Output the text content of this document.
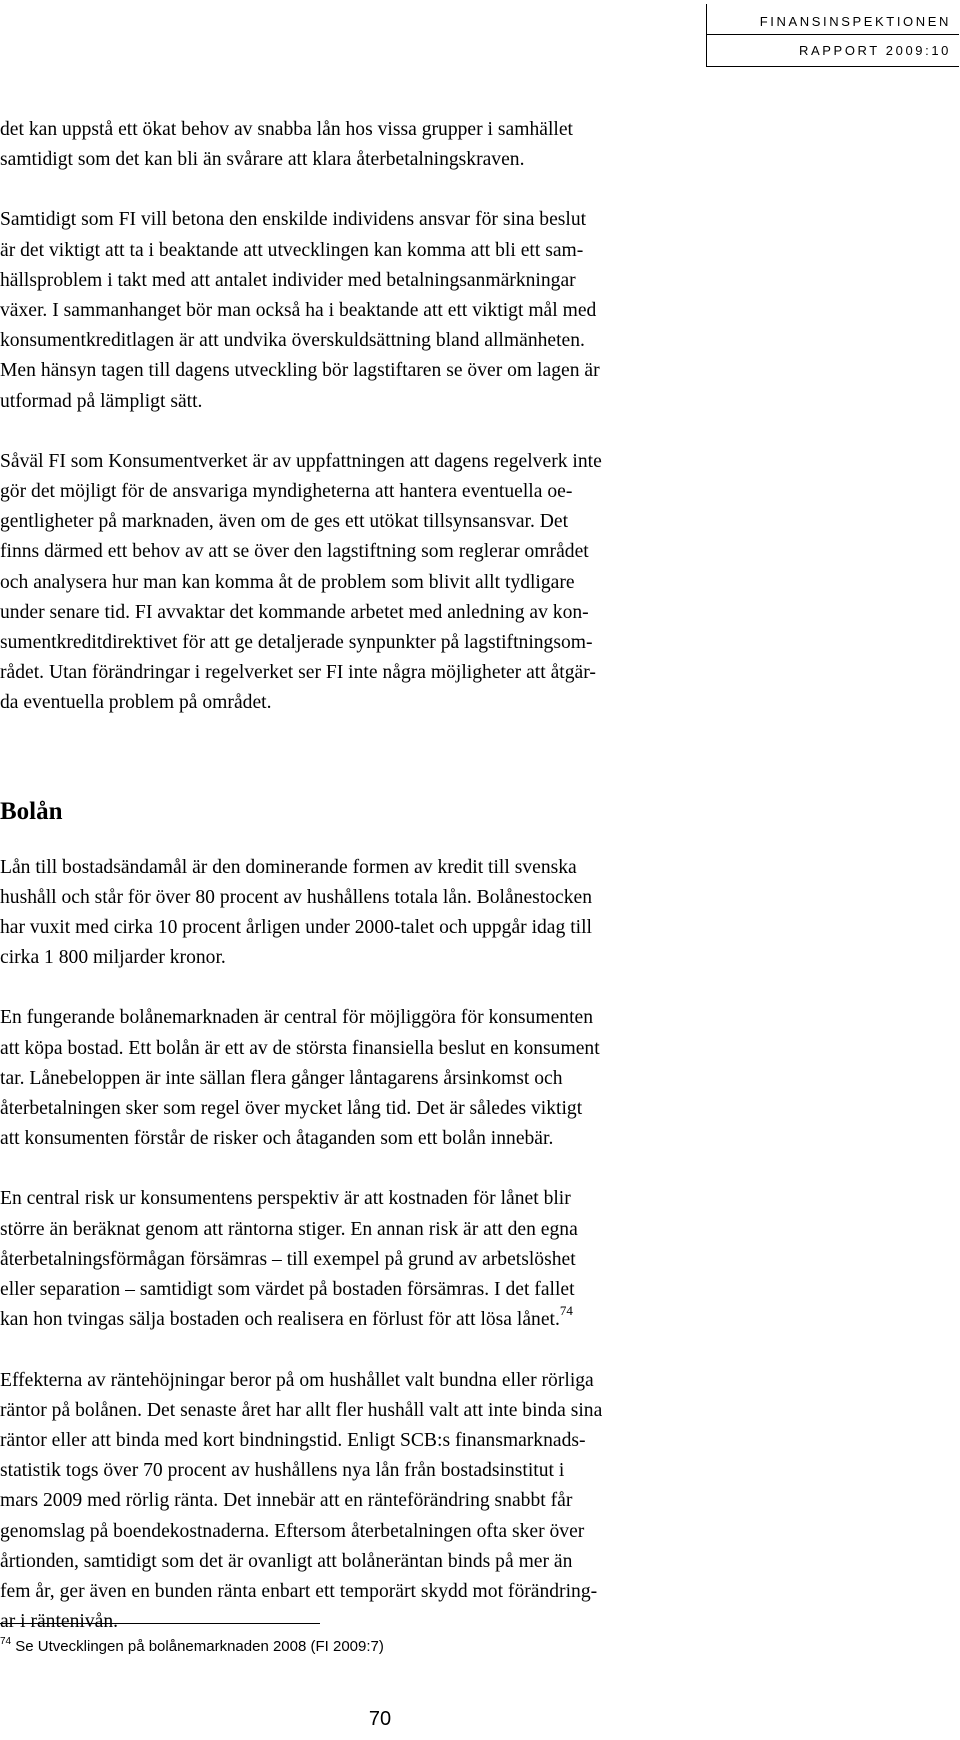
FINANSINSPEKTIONEN
RAPPORT 2009:10

det kan uppstå ett ökat behov av snabba lån hos vissa grupper i samhället
samtidigt som det kan bli än svårare att klara återbetalningskraven.

Samtidigt som FI vill betona den enskilde individens ansvar för sina beslut
är det viktigt att ta i beaktande att utvecklingen kan komma att bli ett sam-
hällsproblem i takt med att antalet individer med betalningsanmärkningar
växer. I sammanhanget bör man också ha i beaktande att ett viktigt mål med
konsumentkreditlagen är att undvika överskuldsättning bland allmänheten.
Men hänsyn tagen till dagens utveckling bör lagstiftaren se över om lagen är
utformad på lämpligt sätt.

Såväl FI som Konsumentverket är av uppfattningen att dagens regelverk inte
gör det möjligt för de ansvariga myndigheterna att hantera eventuella oe-
gentligheter på marknaden, även om de ges ett utökat tillsynsansvar. Det
finns därmed ett behov av att se över den lagstiftning som reglerar området
och analysera hur man kan komma åt de problem som blivit allt tydligare
under senare tid. FI avvaktar det kommande arbetet med anledning av kon-
sumentkreditdirektivet för att ge detaljerade synpunkter på lagstiftningsom-
rådet. Utan förändringar i regelverket ser FI inte några möjligheter att åtgär-
da eventuella problem på området.

Bolån

Lån till bostadsändamål är den dominerande formen av kredit till svenska
hushåll och står för över 80 procent av hushållens totala lån. Bolånestocken
har vuxit med cirka 10 procent årligen under 2000-talet och uppgår idag till
cirka 1 800 miljarder kronor.

En fungerande bolånemarknaden är central för möjliggöra för konsumenten
att köpa bostad. Ett bolån är ett av de största finansiella beslut en konsument
tar. Lånebeloppen är inte sällan flera gånger låntagarens årsinkomst och
återbetalningen sker som regel över mycket lång tid. Det är således viktigt
att konsumenten förstår de risker och åtaganden som ett bolån innebär.

En central risk ur konsumentens perspektiv är att kostnaden för lånet blir
större än beräknat genom att räntorna stiger. En annan risk är att den egna
återbetalningsförmågan försämras – till exempel på grund av arbetslöshet
eller separation – samtidigt som värdet på bostaden försämras. I det fallet
kan hon tvingas sälja bostaden och realisera en förlust för att lösa lånet.$^{74}$

Effekterna av räntehöjningar beror på om hushållet valt bundna eller rörliga
räntor på bolånen. Det senaste året har allt fler hushåll valt att inte binda sina
räntor eller att binda med kort bindningstid. Enligt SCB:s finansmarknads-
statistik togs över 70 procent av hushållens nya lån från bostadsinstitut i
mars 2009 med rörlig ränta. Det innebär att en ränteförändring snabbt får
genomslag på boendekostnaderna. Eftersom återbetalningen ofta sker över
årtionden, samtidigt som det är ovanligt att bolåneräntan binds på mer än
fem år, ger även en bunden ränta enbart ett temporärt skydd mot förändring-
ar i räntenivån.

$^{74}$ Se Utvecklingen på bolånemarknaden 2008 (FI 2009:7)
70
